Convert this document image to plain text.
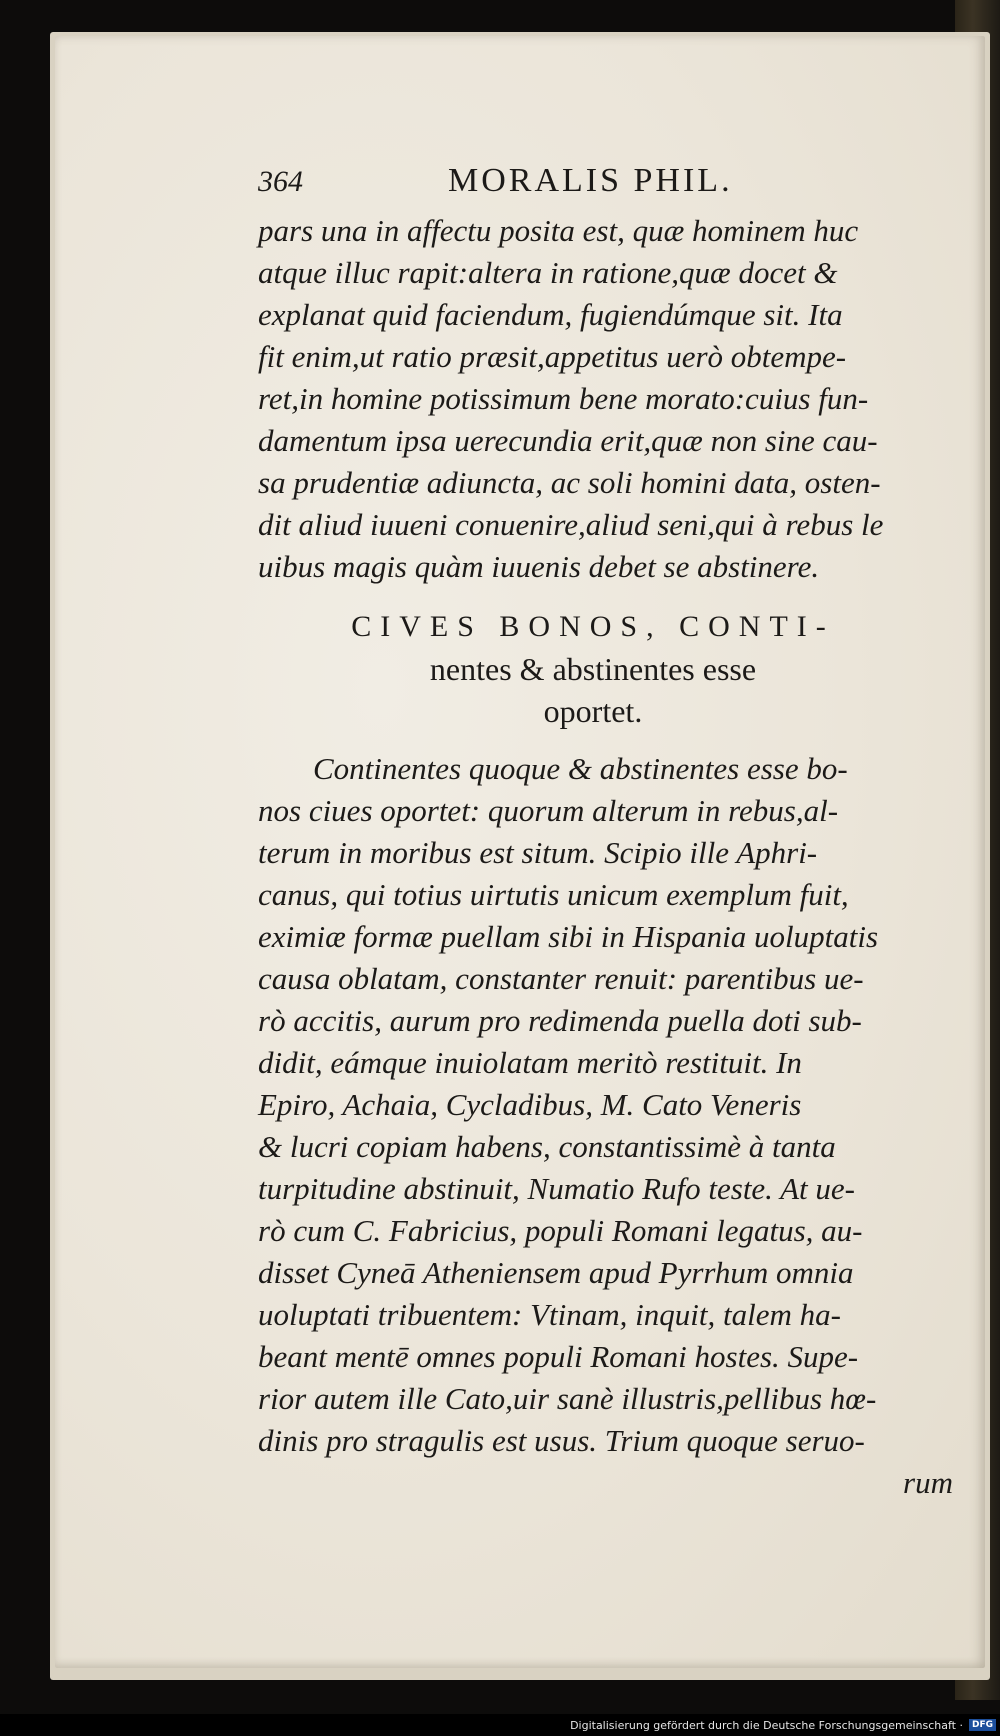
364	MORALIS PHIL.
pars una in affectu posita est, quæ hominem huc
atque illuc rapit:altera in ratione,quæ docet &
explanat quid faciendum, fugiendúmque sit. Ita
fit enim,ut ratio præsit,appetitus uerò obtempe-
ret,in homine potissimum bene morato:cuius fun-
damentum ipsa uerecundia erit,quæ non sine cau-
sa prudentiæ adiuncta, ac soli homini data, osten-
dit aliud iuueni conuenire,aliud seni,qui à rebus le
uibus magis quàm iuuenis debet se abstinere.
CIVES BONOS, CONTI-
nentes & abstinentes esse
oportet.
Continentes quoque & abstinentes esse bo-
nos ciues oportet: quorum alterum in rebus,al-
terum in moribus est situm. Scipio ille Aphri-
canus, qui totius uirtutis unicum exemplum fuit,
eximiæ formæ puellam sibi in Hispania uoluptatis
causa oblatam, constanter renuit: parentibus ue-
rò accitis, aurum pro redimenda puella doti sub-
didit, eámque inuiolatam meritò restituit. In
Epiro, Achaia, Cycladibus, M. Cato Veneris
& lucri copiam habens, constantissimè à tanta
turpitudine abstinuit, Numatio Rufo teste. At ue-
rò cum C. Fabricius, populi Romani legatus, au-
disset Cyneā Atheniensem apud Pyrrhum omnia
uoluptati tribuentem: Vtinam, inquit, talem ha-
beant mentē omnes populi Romani hostes. Supe-
rior autem ille Cato,uir sanè illustris,pellibus hœ-
dinis pro stragulis est usus. Trium quoque seruo-
rum
Digitalisierung gefördert durch die Deutsche Forschungsgemeinschaft ·	DFG
